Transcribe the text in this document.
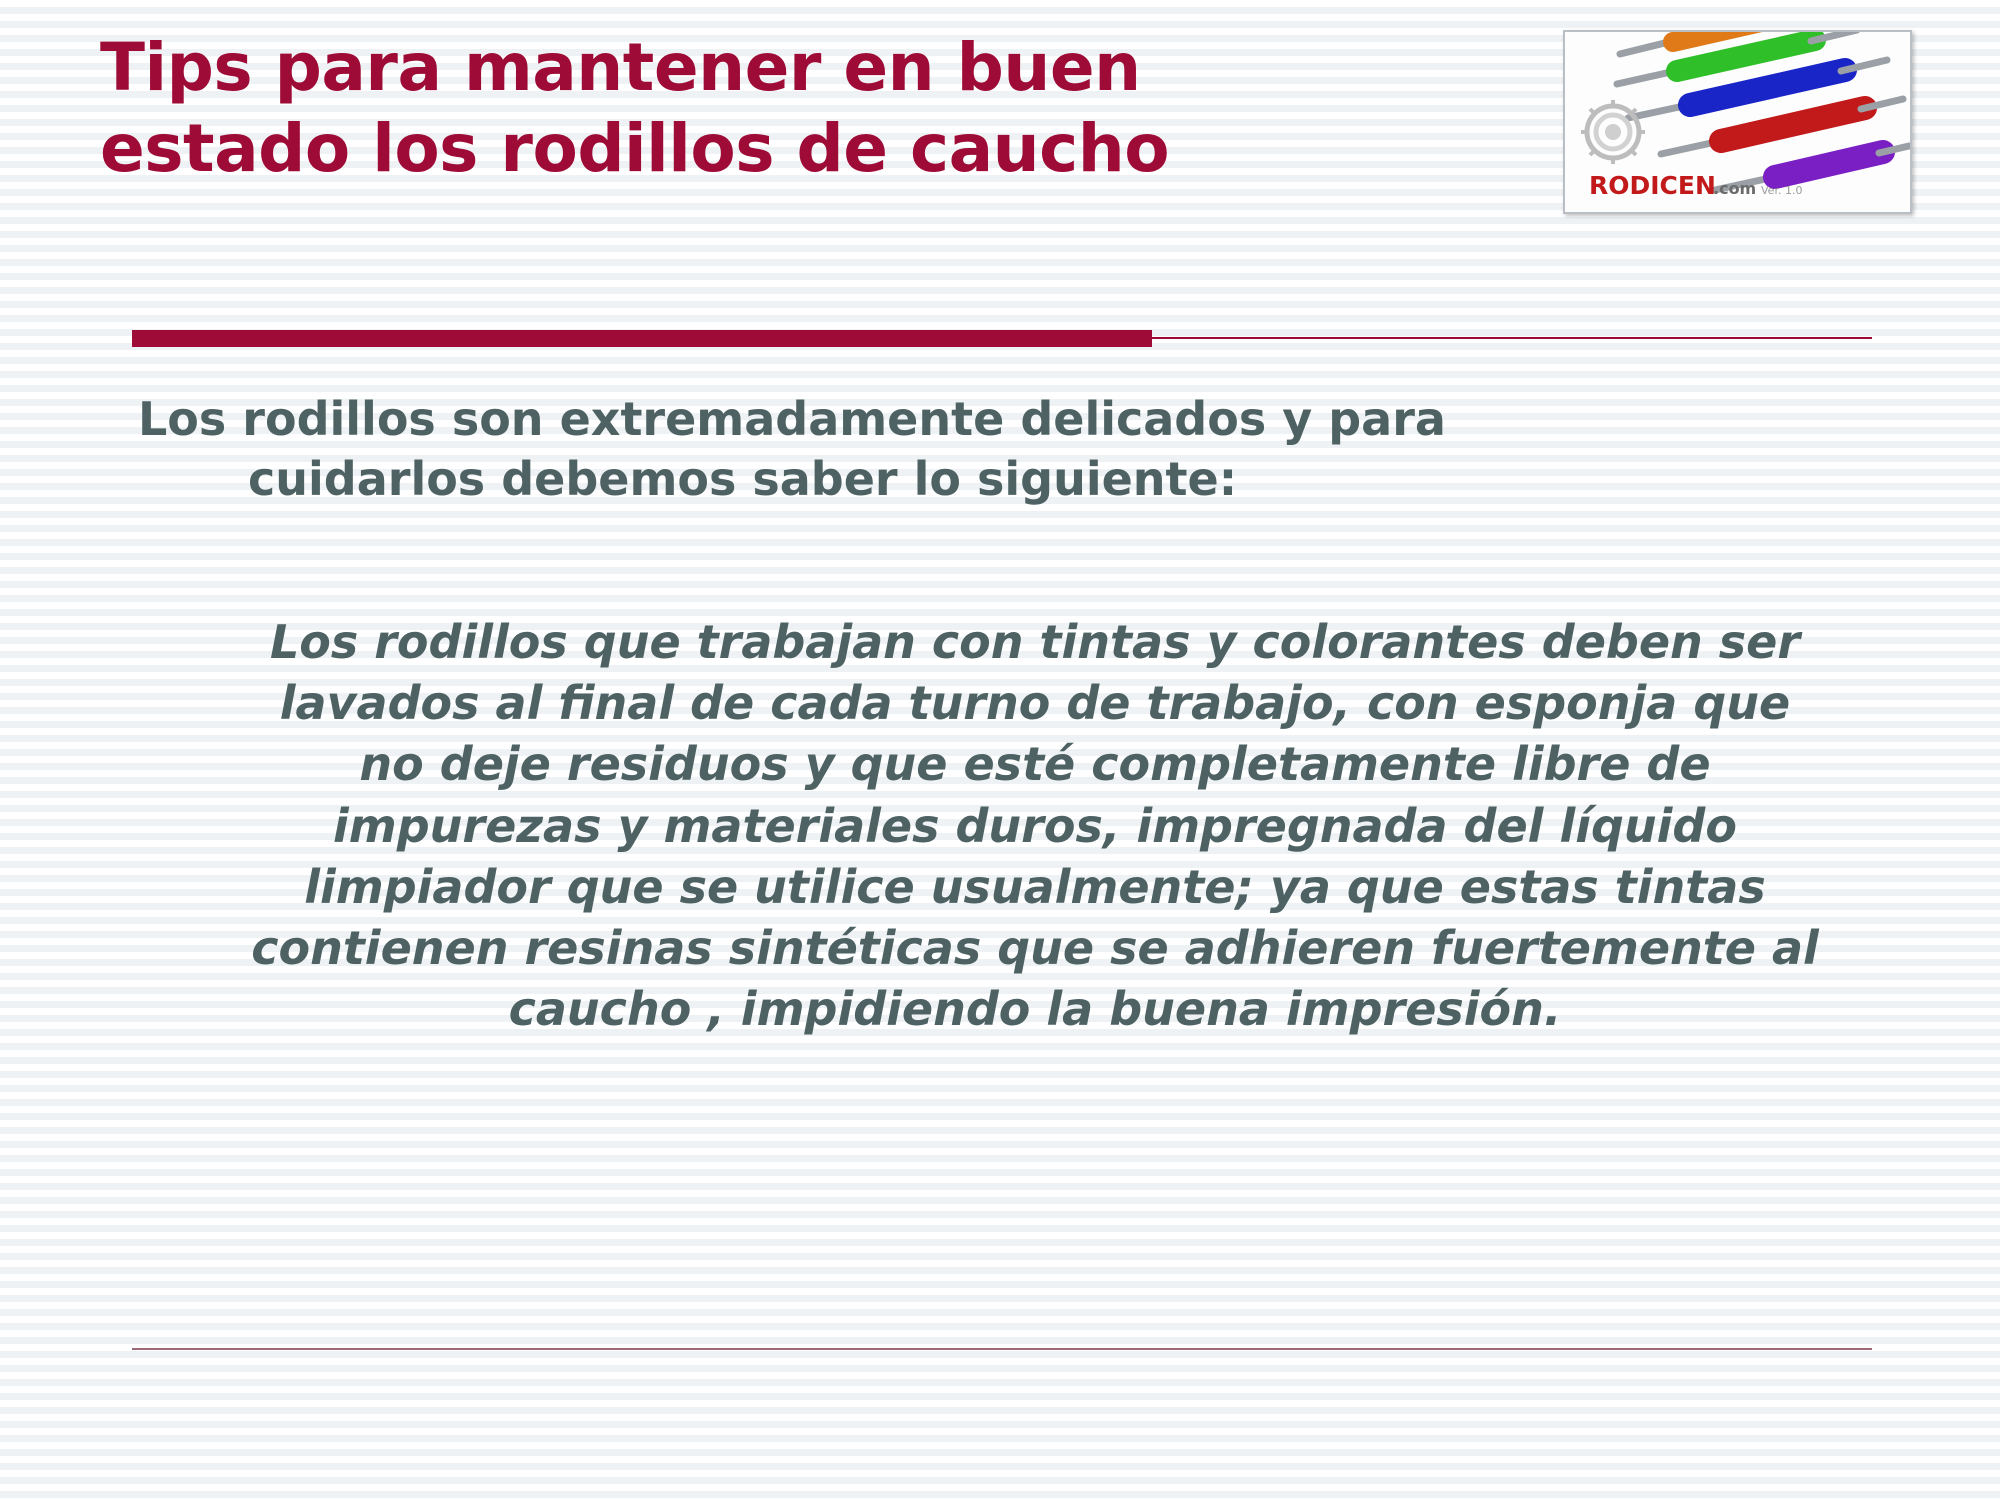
Tips para mantener en buen
estado los rodillos de caucho	RODICEN
.com Ver. 1.0
Los rodillos son extremadamente delicados y para
cuidarlos debemos saber lo siguiente:
Los rodillos que trabajan con tintas y colorantes deben ser lavados al final de cada turno de trabajo, con esponja que no deje residuos y que esté completamente libre de impurezas y materiales duros, impregnada del líquido limpiador que se utilice usualmente; ya que estas tintas contienen resinas sintéticas que se adhieren fuertemente al caucho , impidiendo la buena impresión.
